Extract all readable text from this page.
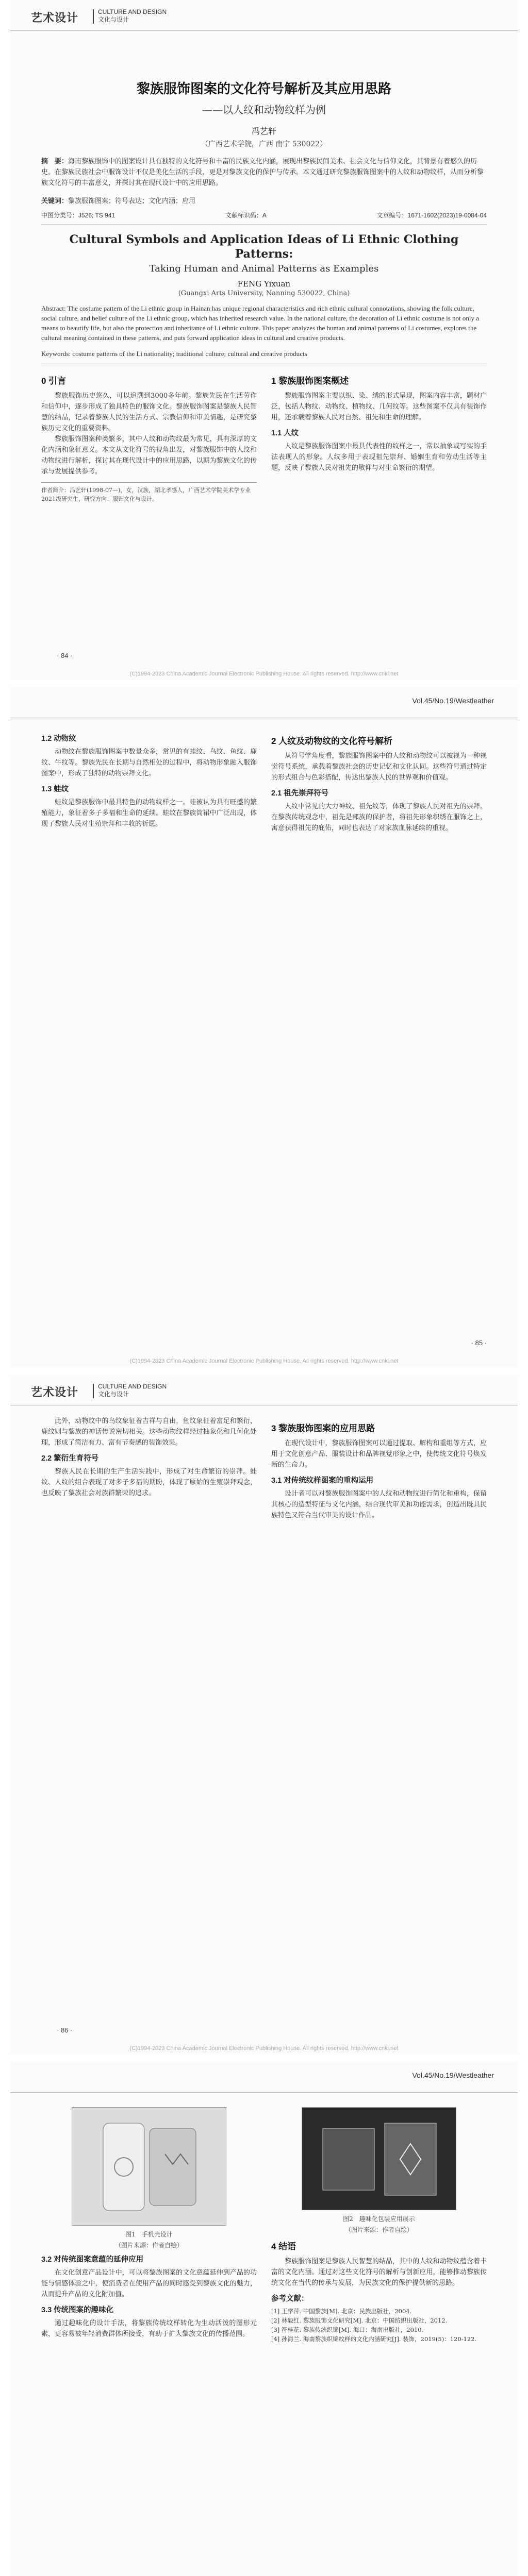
艺术设计	CULTURE AND DESIGN
文化与设计
黎族服饰图案的文化符号解析及其应用思路
——以人纹和动物纹样为例
冯艺轩
（广西艺术学院，广西 南宁 530022）
摘　要：海南黎族服饰中的图案设计具有独特的文化符号和丰富的民族文化内涵，展现出黎族民间美术、社会文化与信仰文化，其背景有着悠久的历史。在黎族民族社会中服饰设计不仅是美化生活的手段，更是对黎族文化的保护与传承。本文通过研究黎族服饰图案中的人纹和动物纹样，从而分析黎族文化符号的丰富意义，并探讨其在现代设计中的应用思路。
关键词：黎族服饰图案；符号表达；文化内涵；应用
中图分类号：J526; TS 941	文献标识码：A	文章编号：1671-1602(2023)19-0084-04
Cultural Symbols and Application Ideas of Li Ethnic Clothing Patterns:
Taking Human and Animal Patterns as Examples
FENG Yixuan
(Guangxi Arts University, Nanning 530022, China)
Abstract: The costume pattern of the Li ethnic group in Hainan has unique regional characteristics and rich ethnic cultural connotations, showing the folk culture, social culture, and belief culture of the Li ethnic group, which has inherited research value. In the national culture, the decoration of Li ethnic costume is not only a means to beautify life, but also the protection and inheritance of Li ethnic culture. This paper analyzes the human and animal patterns of Li costumes, explores the cultural meaning contained in these patterns, and puts forward application ideas in cultural and creative products.
Keywords: costume patterns of the Li nationality; traditional culture; cultural and creative products
0 引言

黎族服饰历史悠久，可以追溯到3000多年前。黎族先民在生活劳作和信仰中，逐步形成了独具特色的服饰文化。黎族服饰图案是黎族人民智慧的结晶，记录着黎族人民的生活方式、宗教信仰和审美情趣，是研究黎族历史文化的重要资料。

黎族服饰图案种类繁多，其中人纹和动物纹最为常见，具有深厚的文化内涵和象征意义。本文从文化符号的视角出发，对黎族服饰中的人纹和动物纹进行解析，探讨其在现代设计中的应用思路，以期为黎族文化的传承与发展提供参考。

作者简介：冯艺轩(1998-07—)，女，汉族，湖北孝感人，广西艺术学院美术学专业2021级研究生，研究方向：服饰文化与设计。
1 黎族服饰图案概述

黎族服饰图案主要以织、染、绣的形式呈现，图案内容丰富，题材广泛，包括人物纹、动物纹、植物纹、几何纹等。这些图案不仅具有装饰作用，还承载着黎族人民对自然、祖先和生命的理解。

1.1 人纹

人纹是黎族服饰图案中最具代表性的纹样之一，常以抽象或写实的手法表现人的形象。人纹多用于表现祖先崇拜、婚姻生育和劳动生活等主题，反映了黎族人民对祖先的敬仰与对生命繁衍的期望。

· 84 ·
(C)1994-2023 China Academic Journal Electronic Publishing House. All rights reserved. http://www.cnki.net
Vol.45/No.19/Westleather
1.2 动物纹

动物纹在黎族服饰图案中数量众多，常见的有蛙纹、鸟纹、鱼纹、鹿纹、牛纹等。黎族先民在长期与自然相处的过程中，将动物形象融入服饰图案中，形成了独特的动物崇拜文化。

1.3 蛙纹

蛙纹是黎族服饰中最具特色的动物纹样之一。蛙被认为具有旺盛的繁殖能力，象征着多子多福和生命的延续。蛙纹在黎族筒裙中广泛出现，体现了黎族人民对生殖崇拜和丰收的祈愿。

2 人纹及动物纹的文化符号解析

从符号学角度看，黎族服饰图案中的人纹和动物纹可以被视为一种视觉符号系统，承载着黎族社会的历史记忆和文化认同。这些符号通过特定的形式组合与色彩搭配，传达出黎族人民的世界观和价值观。

2.1 祖先崇拜符号

人纹中常见的大力神纹、祖先纹等，体现了黎族人民对祖先的崇拜。在黎族传统观念中，祖先是部族的保护者，将祖先形象织绣在服饰之上，寓意获得祖先的庇佑，同时也表达了对家族血脉延续的重视。

· 85 ·
(C)1994-2023 China Academic Journal Electronic Publishing House. All rights reserved. http://www.cnki.net
艺术设计	CULTURE AND DESIGN
文化与设计

此外，动物纹中的鸟纹象征着吉祥与自由，鱼纹象征着富足和繁衍，鹿纹则与黎族的神话传说密切相关。这些动物纹样经过抽象化和几何化处理，形成了简洁有力、富有节奏感的装饰效果。

2.2 繁衍生育符号

黎族人民在长期的生产生活实践中，形成了对生命繁衍的崇拜。蛙纹、人纹的组合表现了对多子多福的期盼，体现了原始的生殖崇拜观念，也反映了黎族社会对族群繁荣的追求。

3 黎族服饰图案的应用思路

在现代设计中，黎族服饰图案可以通过提取、解构和重组等方式，应用于文化创意产品、服装设计和品牌视觉形象之中，使传统文化符号焕发新的生命力。

3.1 对传统纹样图案的重构运用

设计者可以对黎族服饰图案中的人纹和动物纹进行简化和重构，保留其核心的造型特征与文化内涵，结合现代审美和功能需求，创造出既具民族特色又符合当代审美的设计作品。

· 86 ·
(C)1994-2023 China Academic Journal Electronic Publishing House. All rights reserved. http://www.cnki.net
Vol.45/No.19/Westleather
图1　手机壳设计
（图片来源：作者自绘）
3.2 对传统图案意蕴的延伸应用

在文化创意产品设计中，可以将黎族图案的文化意蕴延伸到产品的功能与情感体验之中，使消费者在使用产品的同时感受到黎族文化的魅力，从而提升产品的文化附加值。

3.3 传统图案的趣味化

通过趣味化的设计手法，将黎族传统纹样转化为生动活泼的图形元素，更容易被年轻消费群体所接受，有助于扩大黎族文化的传播范围。

图2　趣味化包装应用展示
（图片来源：作者自绘）
4 结语

黎族服饰图案是黎族人民智慧的结晶，其中的人纹和动物纹蕴含着丰富的文化内涵。通过对这些文化符号的解析与创新应用，能够推动黎族传统文化在当代的传承与发展，为民族文化的保护提供新的思路。

参考文献：
[1] 王学萍. 中国黎族[M]. 北京：民族出版社，2004.
[2] 林毅红. 黎族服饰文化研究[M]. 北京：中国纺织出版社，2012.
[3] 符桂花. 黎族传统织锦[M]. 海口：海南出版社，2010.
[4] 孙海兰. 海南黎族织锦纹样的文化内涵研究[J]. 装饰，2019(5)：120-122.
